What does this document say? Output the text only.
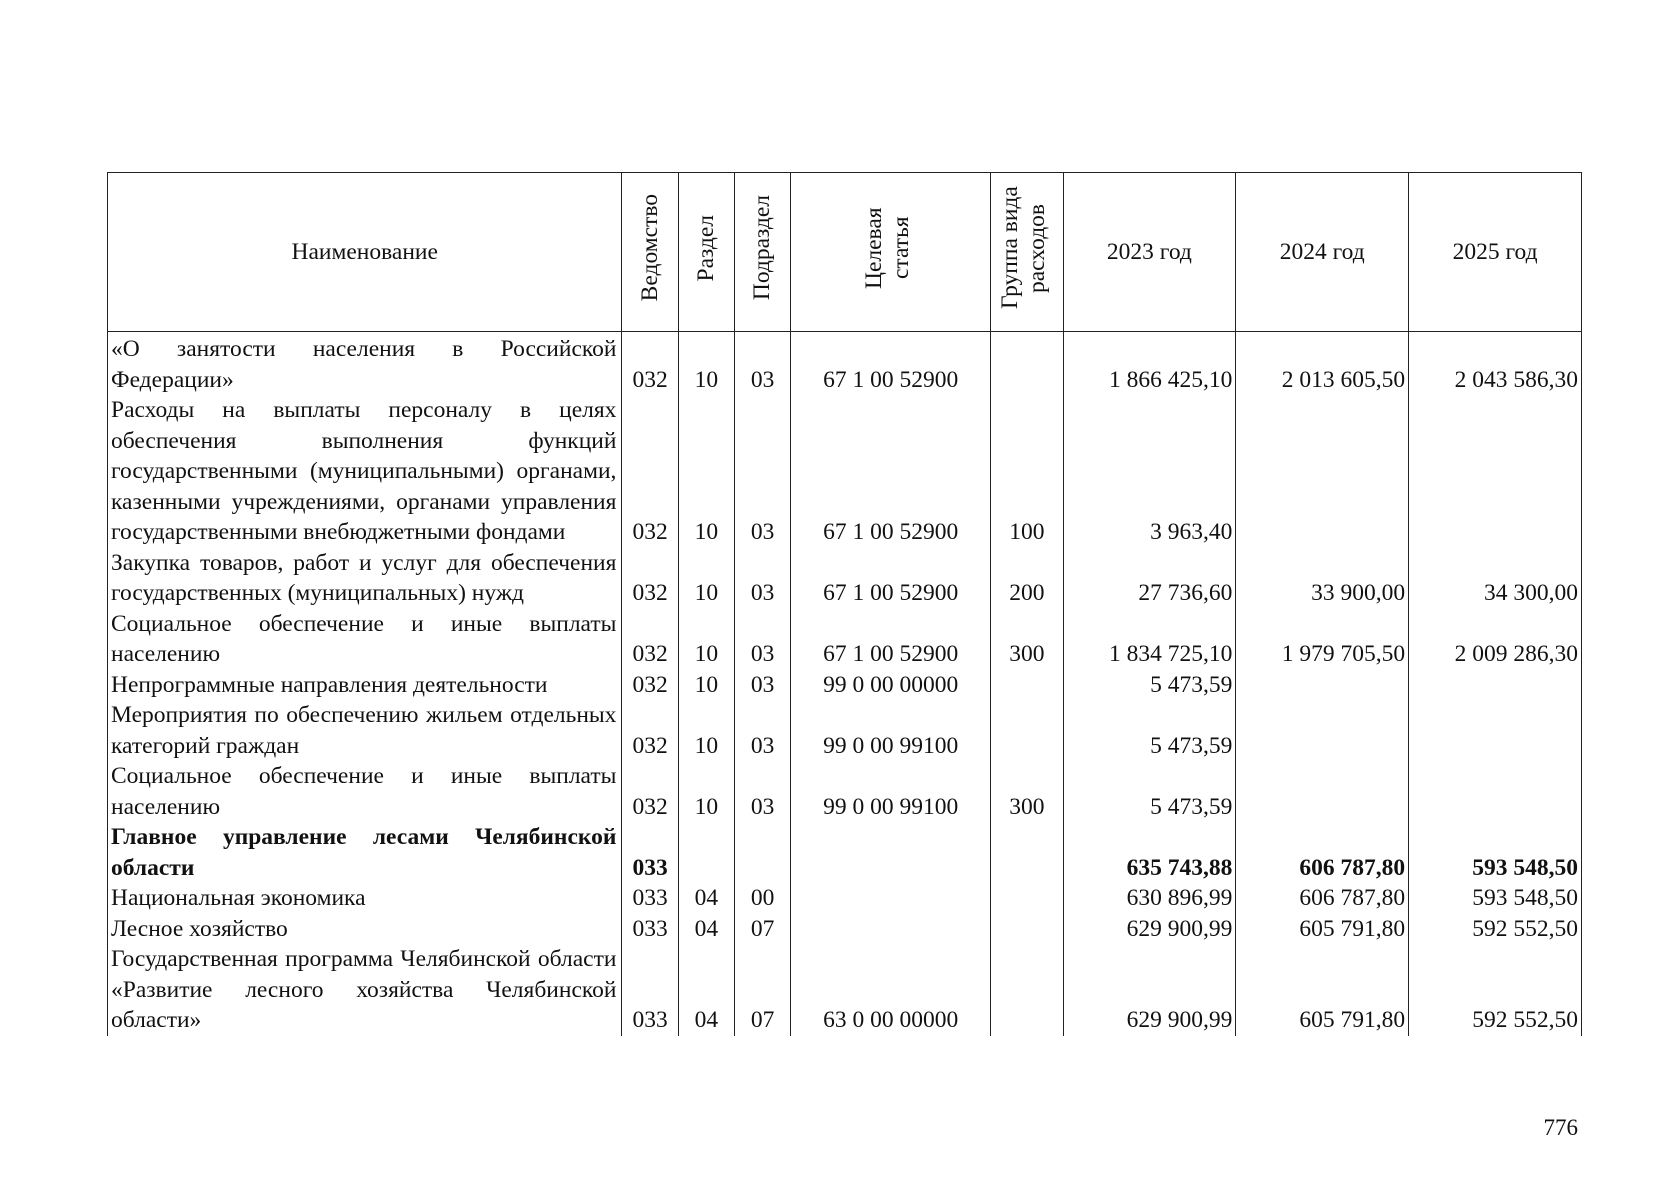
Наименование	Ведомство	Раздел	Подраздел	Целевая статья	Группа вида расходов	2023 год	2024 год	2025 год
«О занятости населения в Российской Федерации»	032	10	03	67 1 00 52900		1 866 425,10	2 013 605,50	2 043 586,30
Расходы на выплаты персоналу в целях обеспечения выполнения функций государственными (муниципальными) органами, казенными учреждениями, органами управления государственными внебюджетными фондами	032	10	03	67 1 00 52900	100	3 963,40		
Закупка товаров, работ и услуг для обеспечения государственных (муниципальных) нужд	032	10	03	67 1 00 52900	200	27 736,60	33 900,00	34 300,00
Социальное обеспечение и иные выплаты населению	032	10	03	67 1 00 52900	300	1 834 725,10	1 979 705,50	2 009 286,30
Непрограммные направления деятельности	032	10	03	99 0 00 00000		5 473,59		
Мероприятия по обеспечению жильем отдельных категорий граждан	032	10	03	99 0 00 99100		5 473,59		
Социальное обеспечение и иные выплаты населению	032	10	03	99 0 00 99100	300	5 473,59		
Главное управление лесами Челябинской области	033					635 743,88	606 787,80	593 548,50
Национальная экономика	033	04	00			630 896,99	606 787,80	593 548,50
Лесное хозяйство	033	04	07			629 900,99	605 791,80	592 552,50
Государственная программа Челябинской области «Развитие лесного хозяйства Челябинской области»	033	04	07	63 0 00 00000		629 900,99	605 791,80	592 552,50
776
